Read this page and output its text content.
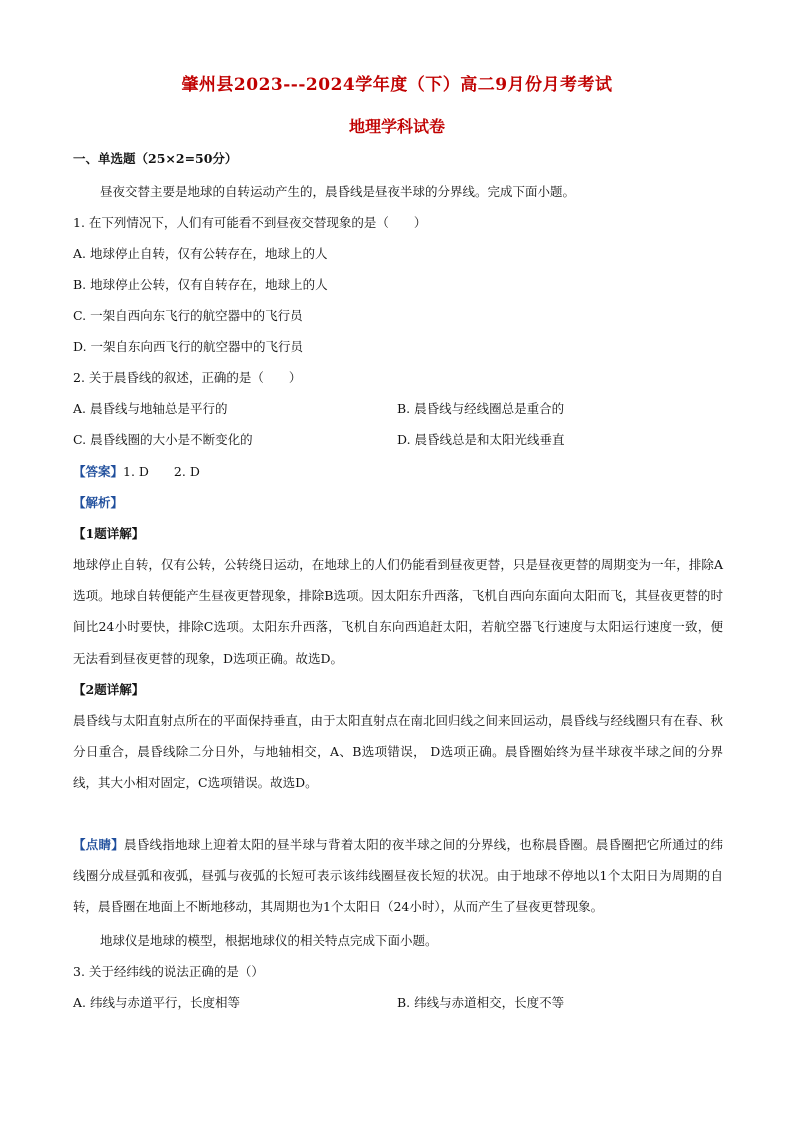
肇州县2023---2024学年度（下）高二9月份月考考试
地理学科试卷
一、单选题（25×2=50分）
昼夜交替主要是地球的自转运动产生的，晨昏线是昼夜半球的分界线。完成下面小题。
1. 在下列情况下，人们有可能看不到昼夜交替现象的是（　　）
A. 地球停止自转，仅有公转存在，地球上的人
B. 地球停止公转，仅有自转存在，地球上的人
C. 一架自西向东飞行的航空器中的飞行员
D. 一架自东向西飞行的航空器中的飞行员
2. 关于晨昏线的叙述，正确的是（　　）
A. 晨昏线与地轴总是平行的	B. 晨昏线与经线圈总是重合的
C. 晨昏线圈的大小是不断变化的	D. 晨昏线总是和太阳光线垂直
【答案】1. D　　2. D
【解析】
【1题详解】
地球停止自转，仅有公转，公转绕日运动，在地球上的人们仍能看到昼夜更替，只是昼夜更替的周期变为一年，排除A选项。地球自转便能产生昼夜更替现象，排除B选项。因太阳东升西落，飞机自西向东面向太阳而飞，其昼夜更替的时间比24小时要快，排除C选项。太阳东升西落，飞机自东向西追赶太阳，若航空器飞行速度与太阳运行速度一致，便无法看到昼夜更替的现象，D选项正确。故选D。
【2题详解】
晨昏线与太阳直射点所在的平面保持垂直，由于太阳直射点在南北回归线之间来回运动，晨昏线与经线圈只有在春、秋分日重合，晨昏线除二分日外，与地轴相交，A、B选项错误， D选项正确。晨昏圈始终为昼半球夜半球之间的分界线，其大小相对固定，C选项错误。故选D。
【点睛】晨昏线指地球上迎着太阳的昼半球与背着太阳的夜半球之间的分界线，也称晨昏圈。晨昏圈把它所通过的纬线圈分成昼弧和夜弧，昼弧与夜弧的长短可表示该纬线圈昼夜长短的状况。由于地球不停地以1个太阳日为周期的自转，晨昏圈在地面上不断地移动，其周期也为1个太阳日（24小时），从而产生了昼夜更替现象。
地球仪是地球的模型，根据地球仪的相关特点完成下面小题。
3. 关于经纬线的说法正确的是（）
A. 纬线与赤道平行，长度相等	B. 纬线与赤道相交，长度不等
